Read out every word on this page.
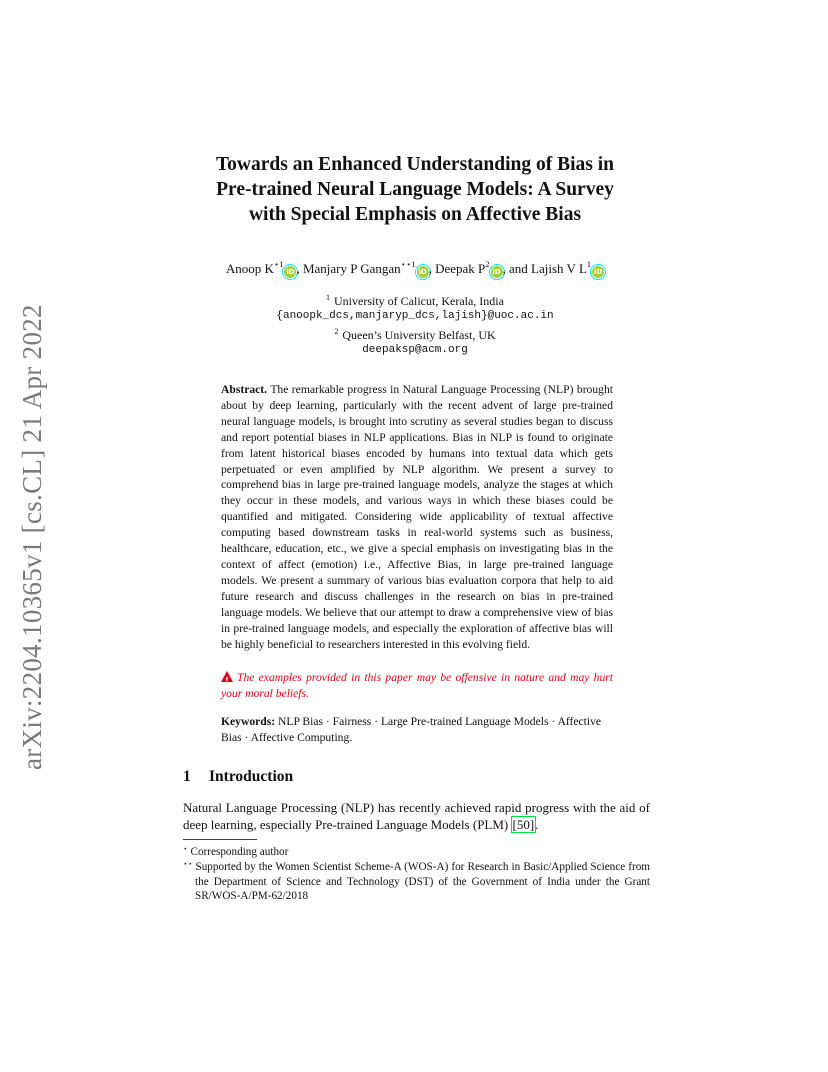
arXiv:2204.10365v1 [cs.CL] 21 Apr 2022
Towards an Enhanced Understanding of Bias in
Pre-trained Neural Language Models: A Survey
with Special Emphasis on Affective Bias
Anoop $K^{⋆1}iD$ , Manjary P Gangan$^{⋆⋆1}$iD , Deepak $P^2iD$ , and Lajish V $L^1iD$
$^1$ University of Calicut, Kerala, India
{anoopk_dcs,manjaryp_dcs,lajish}@uoc.ac.in
$^2$ Queen’s University Belfast, UK
deepaksp@acm.org
Abstract. The remarkable progress in Natural Language Processing (NLP) brought about by deep learning, particularly with the recent advent of large pre-trained neural language models, is brought into scrutiny as several studies began to discuss and report potential biases in NLP applications. Bias in NLP is found to originate from latent historical biases encoded by humans into textual data which gets perpetuated or even amplified by NLP algorithm. We present a survey to comprehend bias in large pre-trained language models, analyze the stages at which they occur in these models, and various ways in which these biases could be quantified and mitigated. Considering wide applicability of textual affective computing based downstream tasks in real-world systems such as business, healthcare, education, etc., we give a special emphasis on investigating bias in the context of affect (emotion) i.e., Affective Bias, in large pre-trained language models. We present a summary of various bias evaluation corpora that help to aid future research and discuss challenges in the research on bias in pre-trained language models. We believe that our attempt to draw a comprehensive view of bias in pre-trained language models, and especially the exploration of affective bias will be highly beneficial to researchers interested in this evolving field.
! The examples provided in this paper may be offensive in nature and may hurt your moral beliefs.
Keywords: NLP Bias · Fairness · Large Pre-trained Language Models · Affective Bias · Affective Computing.
1 Introduction
Natural Language Processing (NLP) has recently achieved rapid progress with the aid of deep learning, especially Pre-trained Language Models (PLM) [50].
⋆ Corresponding author
⋆⋆ Supported by the Women Scientist Scheme-A (WOS-A) for Research in Basic/Applied Science from the Department of Science and Technology (DST) of the Government of India under the Grant SR/WOS-A/PM-62/2018
